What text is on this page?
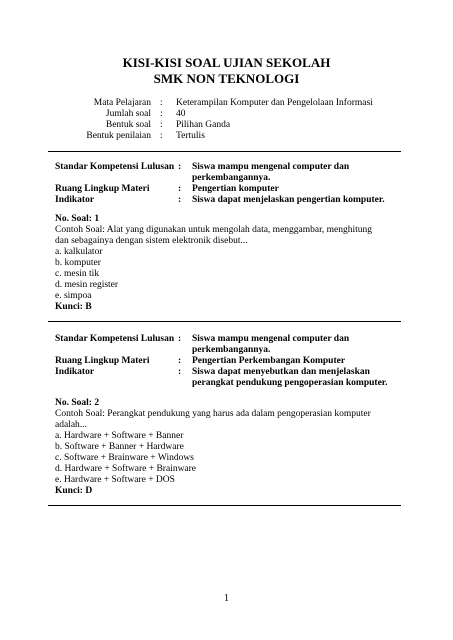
KISI-KISI SOAL UJIAN SEKOLAH
SMK NON TEKNOLOGI
Mata Pelajaran : Keterampilan Komputer dan Pengelolaan Informasi
Jumlah soal : 40
Bentuk soal : Pilihan Ganda
Bentuk penilaian : Tertulis
Standar Kompetensi Lulusan : Siswa mampu mengenal computer dan
perkembangannya.
Ruang Lingkup Materi	: Pengertian komputer
Indikator	: Siswa dapat menjelaskan pengertian komputer.
No. Soal: 1
Contoh Soal: Alat yang digunakan untuk mengolah data, menggambar, menghitung
dan sebagainya dengan sistem elektronik disebut...
a. kalkulator
b. komputer
c. mesin tik
d. mesin register
e. simpoa
Kunci: B
Standar Kompetensi Lulusan : Siswa mampu mengenal computer dan
perkembangannya.
Ruang Lingkup Materi	: Pengertian Perkembangan Komputer
Indikator	: Siswa dapat menyebutkan dan menjelaskan
perangkat pendukung pengoperasian komputer.
No. Soal: 2
Contoh Soal: Perangkat pendukung yang harus ada dalam pengoperasian komputer
adalah...
a. Hardware + Software + Banner
b. Software + Banner + Hardware
c. Software + Brainware + Windows
d. Hardware + Software + Brainware
e. Hardware + Software + DOS
Kunci: D
1
